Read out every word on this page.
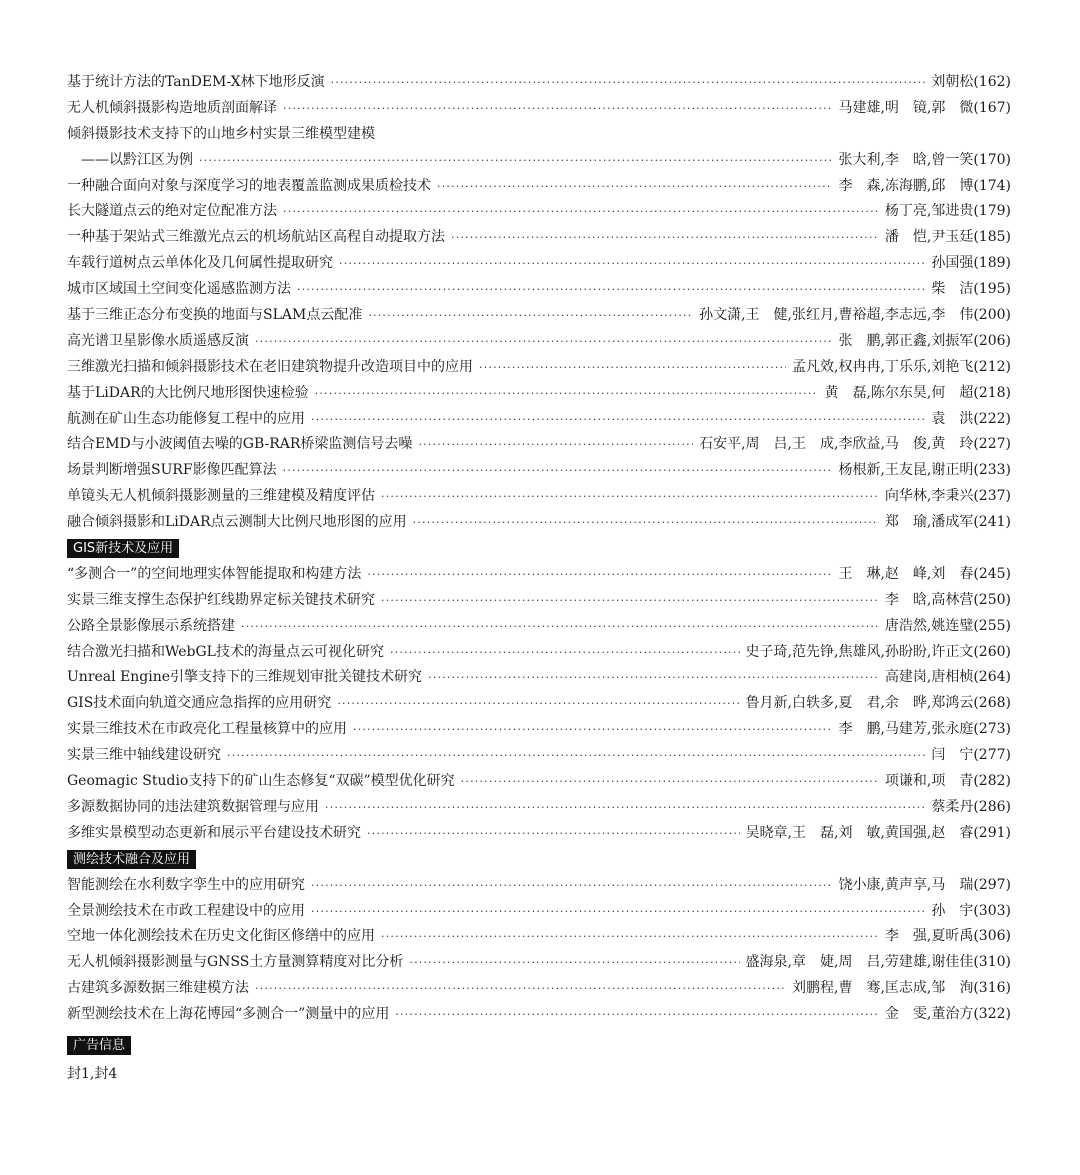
基于统计方法的TanDEM-X林下地形反演 ·····	刘朝松(162)
无人机倾斜摄影构造地质剖面解译 ·····	马建雄,明　镜,郭　微(167)
倾斜摄影技术支持下的山地乡村实景三维模型建模
——以黔江区为例 ·····	张大利,李　晗,曾一笑(170)
一种融合面向对象与深度学习的地表覆盖监测成果质检技术 ·····	李　森,冻海鹏,邱　博(174)
长大隧道点云的绝对定位配准方法 ·····	杨丁亮,邹进贵(179)
一种基于架站式三维激光点云的机场航站区高程自动提取方法 ·····	潘　恺,尹玉廷(185)
车载行道树点云单体化及几何属性提取研究 ·····	孙国强(189)
城市区域国土空间变化遥感监测方法 ·····	柴　洁(195)
基于三维正态分布变换的地面与SLAM点云配准 ·····	孙文潇,王　健,张红月,曹裕超,李志远,李　伟(200)
高光谱卫星影像水质遥感反演 ·····	张　鹏,郭正鑫,刘振军(206)
三维激光扫描和倾斜摄影技术在老旧建筑物提升改造项目中的应用 ·····	孟凡效,权冉冉,丁乐乐,刘艳飞(212)
基于LiDAR的大比例尺地形图快速检验 ·····	黄　磊,陈尔东昊,何　超(218)
航测在矿山生态功能修复工程中的应用 ·····	袁　洪(222)
结合EMD与小波阈值去噪的GB-RAR桥梁监测信号去噪 ·····	石安平,周　吕,王　成,李欣益,马　俊,黄　玲(227)
场景判断增强SURF影像匹配算法 ·····	杨根新,王友昆,谢正明(233)
单镜头无人机倾斜摄影测量的三维建模及精度评估 ·····	向华林,李秉兴(237)
融合倾斜摄影和LiDAR点云测制大比例尺地形图的应用 ·····	郑　瑜,潘成军(241)
GIS新技术及应用
“多测合一”的空间地理实体智能提取和构建方法 ·····	王　琳,赵　峰,刘　春(245)
实景三维支撑生态保护红线勘界定标关键技术研究 ·····	李　晗,高林营(250)
公路全景影像展示系统搭建 ·····	唐浩然,姚连璧(255)
结合激光扫描和WebGL技术的海量点云可视化研究 ·····	史子琦,范先铮,焦雄风,孙盼盼,许正文(260)
Unreal Engine引擎支持下的三维规划审批关键技术研究 ·····	高建岗,唐相桢(264)
GIS技术面向轨道交通应急指挥的应用研究 ·····	鲁月新,白轶多,夏　君,余　晔,郑鸿云(268)
实景三维技术在市政亮化工程量核算中的应用 ·····	李　鹏,马建芳,张永庭(273)
实景三维中轴线建设研究 ·····	闫　宁(277)
Geomagic Studio支持下的矿山生态修复“双碳”模型优化研究 ·····	项谦和,项　青(282)
多源数据协同的违法建筑数据管理与应用 ·····	蔡柔丹(286)
多维实景模型动态更新和展示平台建设技术研究 ·····	吴晓章,王　磊,刘　敏,黄国强,赵　睿(291)
测绘技术融合及应用
智能测绘在水利数字孪生中的应用研究 ·····	饶小康,黄声享,马　瑞(297)
全景测绘技术在市政工程建设中的应用 ·····	孙　宇(303)
空地一体化测绘技术在历史文化街区修缮中的应用 ·····	李　强,夏昕禹(306)
无人机倾斜摄影测量与GNSS土方量测算精度对比分析 ·····	盛海泉,章　婕,周　吕,劳建雄,谢佳佳(310)
古建筑多源数据三维建模方法 ·····	刘鹏程,曹　骞,匡志成,邹　洵(316)
新型测绘技术在上海花博园“多测合一”测量中的应用 ·····	金　雯,董治方(322)
广告信息
封1,封4
